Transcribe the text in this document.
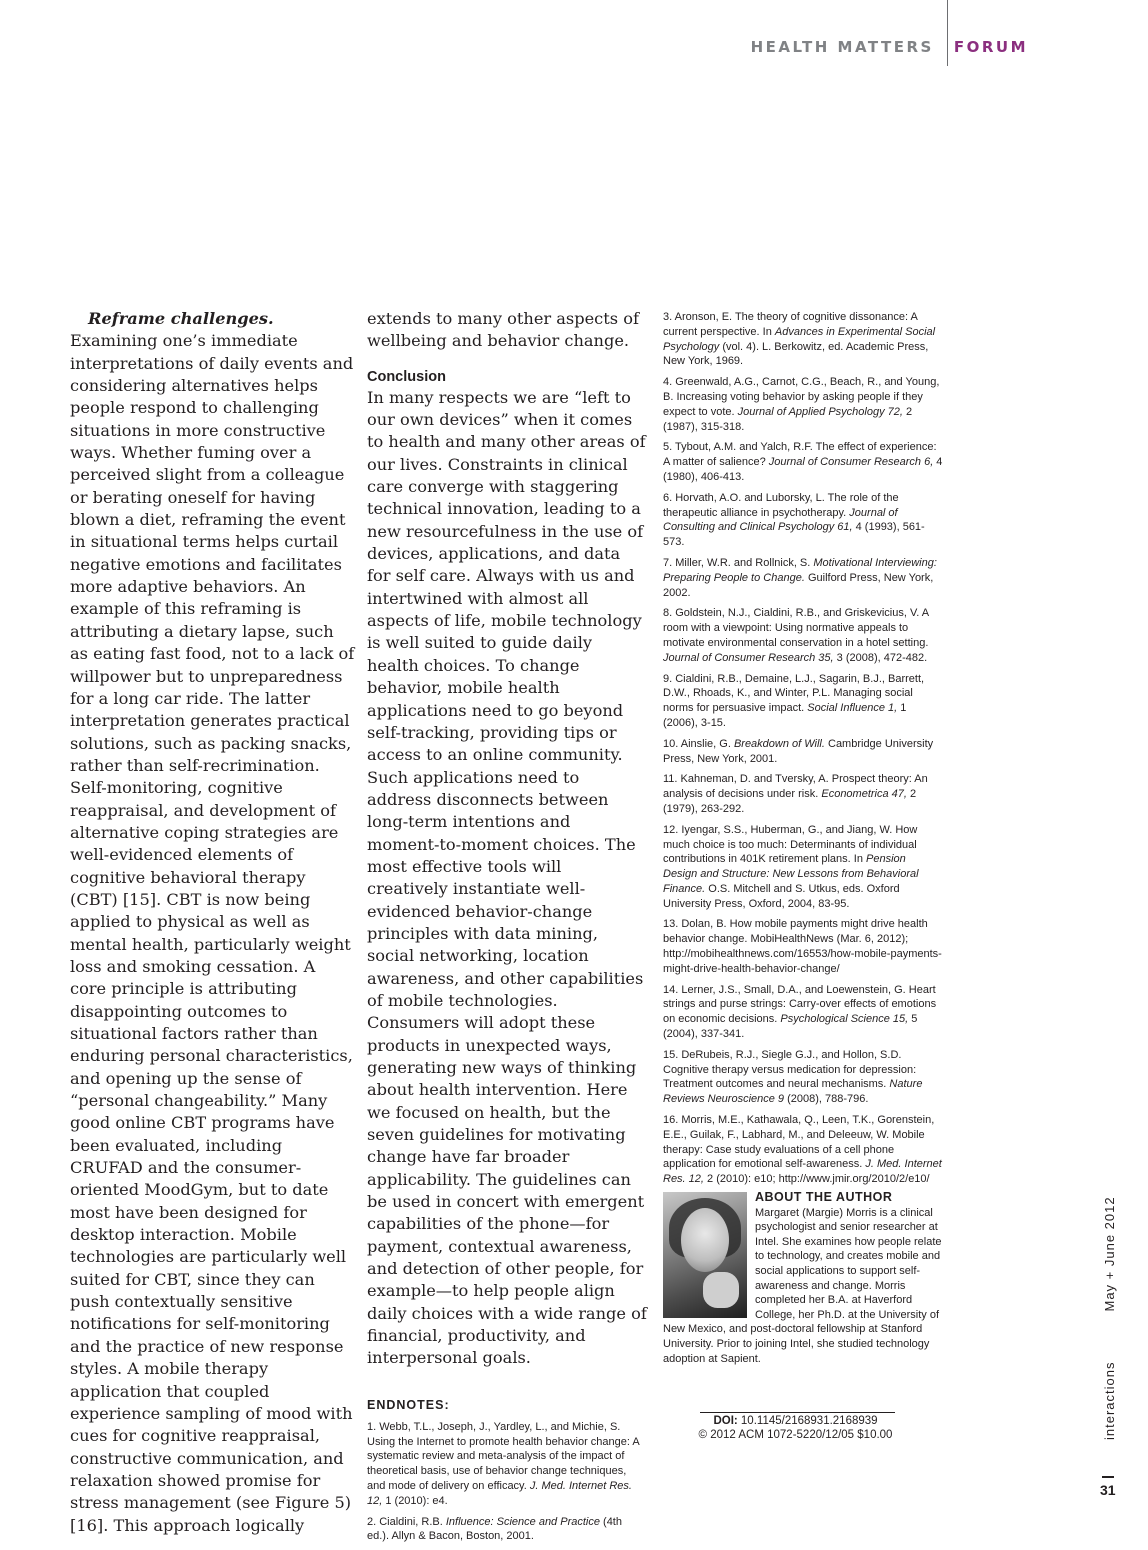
HEALTH MATTERS FORUM

Reframe challenges. Examining one’s immediate interpretations of daily events and considering alternatives helps people respond to challenging situations in more constructive ways. Whether fuming over a perceived slight from a colleague or berating oneself for having blown a diet, reframing the event in situational terms helps curtail negative emotions and facilitates more adaptive behaviors. An example of this reframing is attributing a dietary lapse, such as eating fast food, not to a lack of willpower but to unpreparedness for a long car ride. The latter interpretation generates practical solutions, such as packing snacks, rather than self-recrimination. Self-monitoring, cognitive reappraisal, and development of alternative coping strategies are well-evidenced elements of cognitive behavioral therapy (CBT) [15]. CBT is now being applied to physical as well as mental health, particularly weight loss and smoking cessation. A core principle is attributing disappointing outcomes to situational factors rather than enduring personal characteristics, and opening up the sense of “personal changeability.” Many good online CBT programs have been evaluated, including CRUFAD and the consumer-oriented MoodGym, but to date most have been designed for desktop interaction. Mobile technologies are particularly well suited for CBT, since they can push contextually sensitive notifications for self-monitoring and the practice of new response styles. A mobile therapy application that coupled experience sampling of mood with cues for cognitive reappraisal, constructive communication, and relaxation showed promise for stress management (see Figure 5) [16]. This approach logically

extends to many other aspects of wellbeing and behavior change.

Conclusion

In many respects we are “left to our own devices” when it comes to health and many other areas of our lives. Constraints in clinical care converge with staggering technical innovation, leading to a new resourcefulness in the use of devices, applications, and data for self care. Always with us and intertwined with almost all aspects of life, mobile technology is well suited to guide daily health choices. To change behavior, mobile health applications need to go beyond self-tracking, providing tips or access to an online community. Such applications need to address disconnects between long-term intentions and moment-to-moment choices. The most effective tools will creatively instantiate well-evidenced behavior-change principles with data mining, social networking, location awareness, and other capabilities of mobile technologies. Consumers will adopt these products in unexpected ways, generating new ways of thinking about health intervention. Here we focused on health, but the seven guidelines for motivating change have far broader applicability. The guidelines can be used in concert with emergent capabilities of the phone—for payment, contextual awareness, and detection of other people, for example—to help people align daily choices with a wide range of financial, productivity, and interpersonal goals.

ENDNOTES:

1. Webb, T.L., Joseph, J., Yardley, L., and Michie, S. Using the Internet to promote health behavior change: A systematic review and meta-analysis of the impact of theoretical basis, use of behavior change techniques, and mode of delivery on efficacy. J. Med. Internet Res. 12, 1 (2010): e4.

2. Cialdini, R.B. Influence: Science and Practice (4th ed.). Allyn & Bacon, Boston, 2001.

3. Aronson, E. The theory of cognitive dissonance: A current perspective. In Advances in Experimental Social Psychology (vol. 4). L. Berkowitz, ed. Academic Press, New York, 1969.

4. Greenwald, A.G., Carnot, C.G., Beach, R., and Young, B. Increasing voting behavior by asking people if they expect to vote. Journal of Applied Psychology 72, 2 (1987), 315-318.

5. Tybout, A.M. and Yalch, R.F. The effect of experience: A matter of salience? Journal of Consumer Research 6, 4 (1980), 406-413.

6. Horvath, A.O. and Luborsky, L. The role of the therapeutic alliance in psychotherapy. Journal of Consulting and Clinical Psychology 61, 4 (1993), 561-573.

7. Miller, W.R. and Rollnick, S. Motivational Interviewing: Preparing People to Change. Guilford Press, New York, 2002.

8. Goldstein, N.J., Cialdini, R.B., and Griskevicius, V. A room with a viewpoint: Using normative appeals to motivate environmental conservation in a hotel setting. Journal of Consumer Research 35, 3 (2008), 472-482.

9. Cialdini, R.B., Demaine, L.J., Sagarin, B.J., Barrett, D.W., Rhoads, K., and Winter, P.L. Managing social norms for persuasive impact. Social Influence 1, 1 (2006), 3-15.

10. Ainslie, G. Breakdown of Will. Cambridge University Press, New York, 2001.

11. Kahneman, D. and Tversky, A. Prospect theory: An analysis of decisions under risk. Econometrica 47, 2 (1979), 263-292.

12. Iyengar, S.S., Huberman, G., and Jiang, W. How much choice is too much: Determinants of individual contributions in 401K retirement plans. In Pension Design and Structure: New Lessons from Behavioral Finance. O.S. Mitchell and S. Utkus, eds. Oxford University Press, Oxford, 2004, 83-95.

13. Dolan, B. How mobile payments might drive health behavior change. MobiHealthNews (Mar. 6, 2012); http://mobihealthnews.com/16553/how-mobile-payments-might-drive-health-behavior-change/

14. Lerner, J.S., Small, D.A., and Loewenstein, G. Heart strings and purse strings: Carry-over effects of emotions on economic decisions. Psychological Science 15, 5 (2004), 337-341.

15. DeRubeis, R.J., Siegle G.J., and Hollon, S.D. Cognitive therapy versus medication for depression: Treatment outcomes and neural mechanisms. Nature Reviews Neuroscience 9 (2008), 788-796.

16. Morris, M.E., Kathawala, Q., Leen, T.K., Gorenstein, E.E., Guilak, F., Labhard, M., and Deleeuw, W. Mobile therapy: Case study evaluations of a cell phone application for emotional self-awareness. J. Med. Internet Res. 12, 2 (2010): e10; http://www.jmir.org/2010/2/e10/

ABOUT THE AUTHOR
Margaret (Margie) Morris is a clinical psychologist and senior researcher at Intel. She examines how people relate to technology, and creates mobile and social applications to support self-awareness and change. Morris completed her B.A. at Haverford College, her Ph.D. at the University of New Mexico, and post-doctoral fellowship at Stanford University. Prior to joining Intel, she studied technology adoption at Sapient.
DOI: 10.1145/2168931.2168939
© 2012 ACM 1072-5220/12/05 $10.00	interactionsMay + June 2012
31
